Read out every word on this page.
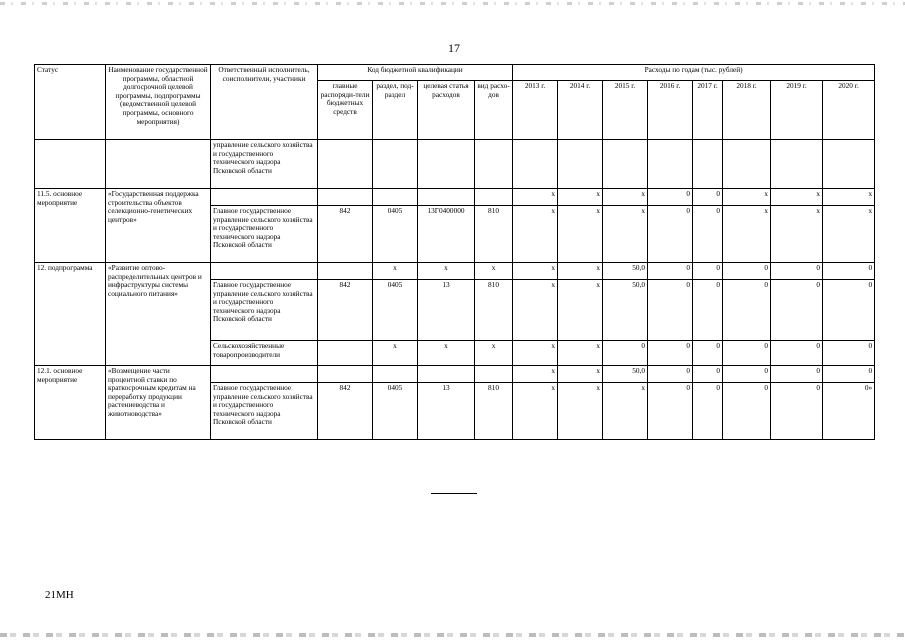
17
Статус	Наименование государственной программы, областной долгосрочной целевой программы, подпрограммы (ведомственной целевой программы, основного мероприятия)	Ответственный исполнитель, соисполнители, участники	Код бюджетной квалификации				Расходы по годам (тыс. рублей)							
			главные распоряди-тели бюджетных средств	раздел, под-раздел	целевая статья расходов	вид расхо-дов	2013 г.	2014 г.	2015 г.	2016 г.	2017 г.	2018 г.	2019 г.	2020 г.
		управление сельского хозяйства и государственного технического надзора Псковской области												
11.5. основное мероприятие	«Государственная поддержка строительства объектов селекционно-генетических центров»						х	х	х	0	0	х	х	х
		Главное государственное управление сельского хозяйства и государственного технического надзора Псковской области	842	0405	13Г0400000	810	х	х	х	0	0	х	х	х
12. подпрограмма	«Развитие оптово-распределительных центров и инфраструктуры системы социального питания»			х	х	х	х	х	50,0	0	0	0	0	0
		Главное государственное управление сельского хозяйства и государственного технического надзора Псковской области	842	0405	13	810	х	х	50,0	0	0	0	0	0
		Сельскохозяйственные товаропроизводители		х	х	х	х	х	0	0	0	0	0	0
12.1. основное мероприятие	«Возмещение части процентной ставки по краткосрочным кредитам на переработку продукции растениеводства и животноводства»						х	х	50,0	0	0	0	0	0
		Главное государственное управление сельского хозяйства и государственного технического надзора Псковской области	842	0405	13	810	х	х	х	0	0	0	0	0»
21МН
